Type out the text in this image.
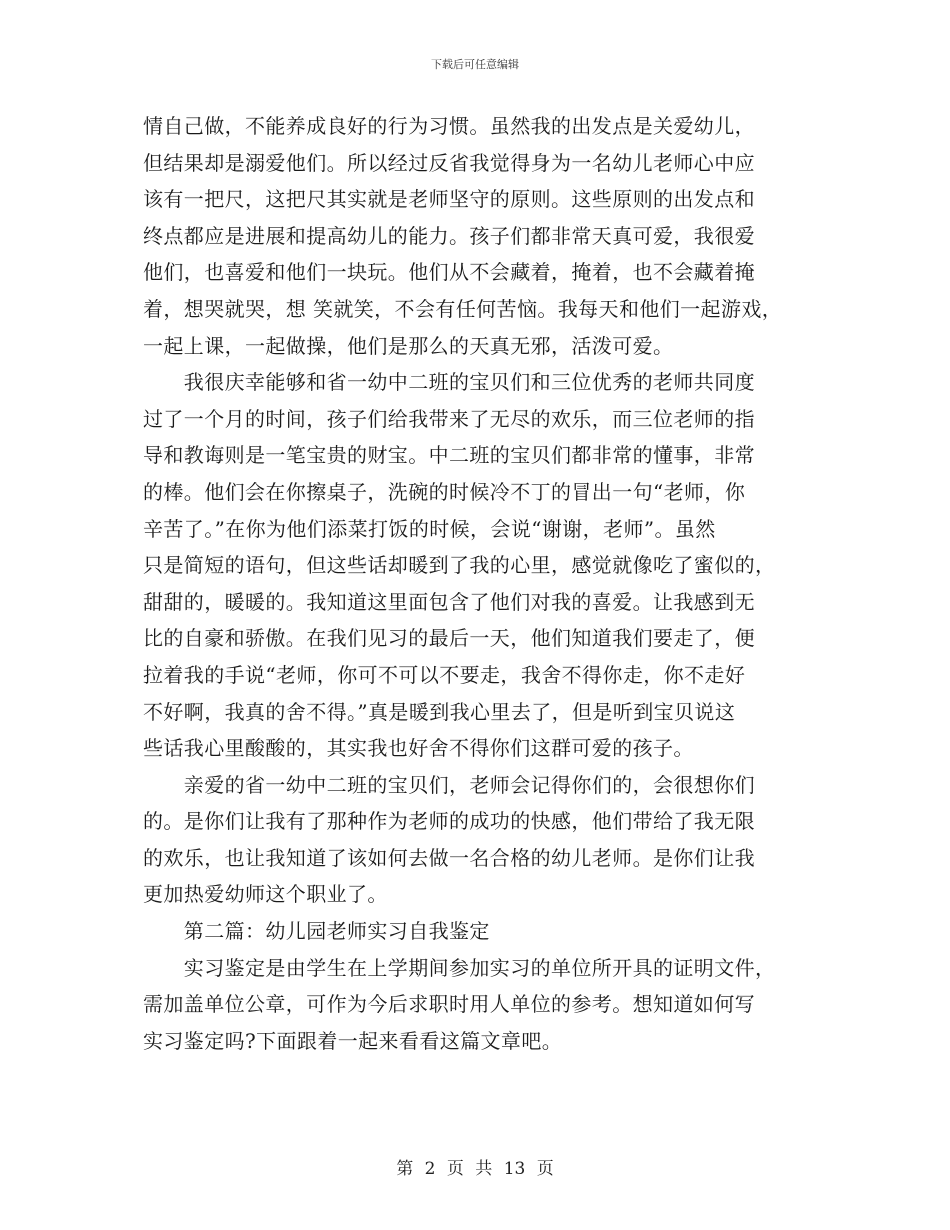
下载后可任意编辑
情自己做，不能养成良好的行为习惯。虽然我的出发点是关爱幼儿，
但结果却是溺爱他们。所以经过反省我觉得身为一名幼儿老师心中应
该有一把尺，这把尺其实就是老师坚守的原则。这些原则的出发点和
终点都应是进展和提高幼儿的能力。孩子们都非常天真可爱，我很爱
他们，也喜爱和他们一块玩。他们从不会藏着，掩着，也不会藏着掩
着，想哭就哭，想 笑就笑，不会有任何苦恼。我每天和他们一起游戏，
一起上课，一起做操，他们是那么的天真无邪，活泼可爱。
　　我很庆幸能够和省一幼中二班的宝贝们和三位优秀的老师共同度
过了一个月的时间，孩子们给我带来了无尽的欢乐，而三位老师的指
导和教诲则是一笔宝贵的财宝。中二班的宝贝们都非常的懂事，非常
的棒。他们会在你擦桌子，洗碗的时候冷不丁的冒出一句“老师，你
辛苦了。”在你为他们添菜打饭的时候，会说“谢谢，老师”。虽然
只是简短的语句，但这些话却暖到了我的心里，感觉就像吃了蜜似的，
甜甜的，暖暖的。我知道这里面包含了他们对我的喜爱。让我感到无
比的自豪和骄傲。在我们见习的最后一天，他们知道我们要走了，便
拉着我的手说“老师，你可不可以不要走，我舍不得你走，你不走好
不好啊，我真的舍不得。”真是暖到我心里去了，但是听到宝贝说这
些话我心里酸酸的，其实我也好舍不得你们这群可爱的孩子。
　　亲爱的省一幼中二班的宝贝们，老师会记得你们的，会很想你们
的。是你们让我有了那种作为老师的成功的快感，他们带给了我无限
的欢乐，也让我知道了该如何去做一名合格的幼儿老师。是你们让我
更加热爱幼师这个职业了。
　　第二篇：幼儿园老师实习自我鉴定
　　实习鉴定是由学生在上学期间参加实习的单位所开具的证明文件，
需加盖单位公章，可作为今后求职时用人单位的参考。想知道如何写
实习鉴定吗?下面跟着一起来看看这篇文章吧。
第 2 页 共 13 页
